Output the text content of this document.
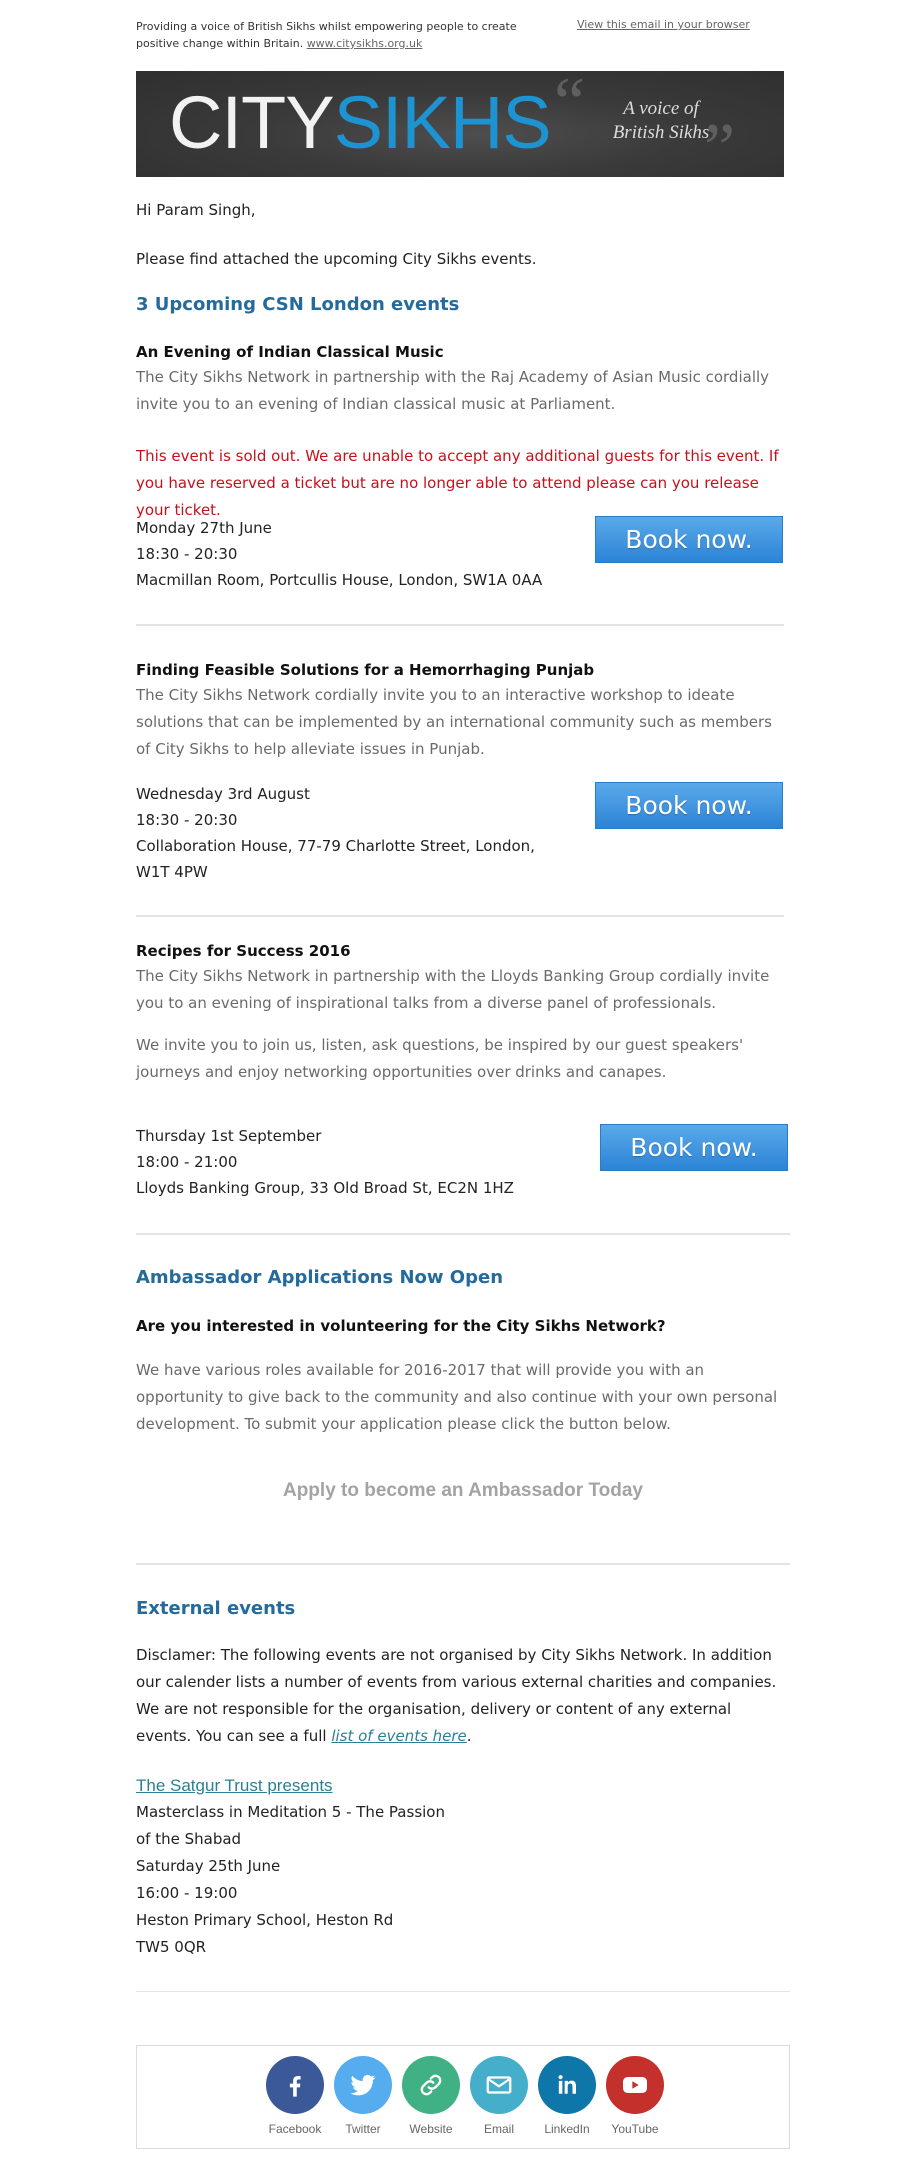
Providing a voice of British Sikhs whilst empowering people to create positive change within Britain. www.citysikhs.org.uk
View this email in your browser
CITYSIKHS “	A voice of
British Sikhs
”
Hi Param Singh,
Please find attached the upcoming City Sikhs events.
3 Upcoming CSN London events
An Evening of Indian Classical Music
The City Sikhs Network in partnership with the Raj Academy of Asian Music cordially invite you to an evening of Indian classical music at Parliament.
This event is sold out. We are unable to accept any additional guests for this event. If you have reserved a ticket but are no longer able to attend please can you release your ticket.
Monday 27th June
18:30 - 20:30
Macmillan Room, Portcullis House, London, SW1A 0AA
Book now.
Finding Feasible Solutions for a Hemorrhaging Punjab
The City Sikhs Network cordially invite you to an interactive workshop to ideate solutions that can be implemented by an international community such as members of City Sikhs to help alleviate issues in Punjab.
Wednesday 3rd August
18:30 - 20:30
Collaboration House, 77-79 Charlotte Street, London,
W1T 4PW
Book now.
Recipes for Success 2016
The City Sikhs Network in partnership with the Lloyds Banking Group cordially invite you to an evening of inspirational talks from a diverse panel of professionals.
We invite you to join us, listen, ask questions, be inspired by our guest speakers' journeys and enjoy networking opportunities over drinks and canapes.
Thursday 1st September
18:00 - 21:00
Lloyds Banking Group, 33 Old Broad St, EC2N 1HZ
Book now.
Ambassador Applications Now Open
Are you interested in volunteering for the City Sikhs Network?
We have various roles available for 2016-2017 that will provide you with an opportunity to give back to the community and also continue with your own personal development. To submit your application please click the button below.
Apply to become an Ambassador Today
External events
Disclamer: The following events are not organised by City Sikhs Network. In addition our calender lists a number of events from various external charities and companies. We are not responsible for the organisation, delivery or content of any external events. You can see a full list of events here.
The Satgur Trust presents
Masterclass in Meditation 5 - The Passion
of the Shabad
Saturday 25th June
16:00 - 19:00
Heston Primary School, Heston Rd
TW5 0QR
Facebook	Twitter	Website	Email	LinkedIn	YouTube
